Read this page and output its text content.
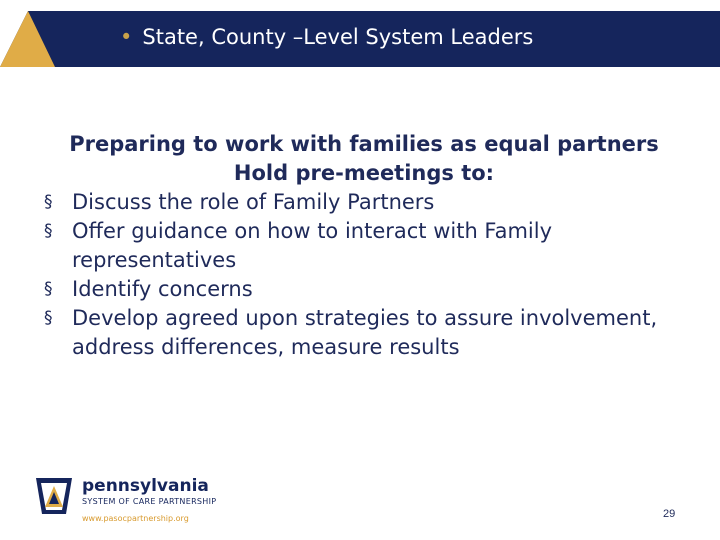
• State, County –Level System Leaders
Preparing to work with families as equal partners
Hold pre-meetings to:
§ Discuss the role of Family Partners
§ Offer guidance on how to interact with Family representatives
§ Identify concerns
§ Develop agreed upon strategies to assure involvement, address differences, measure results
pennsylvania
SYSTEM OF CARE PARTNERSHIP
www.pasocpartnership.org	29
